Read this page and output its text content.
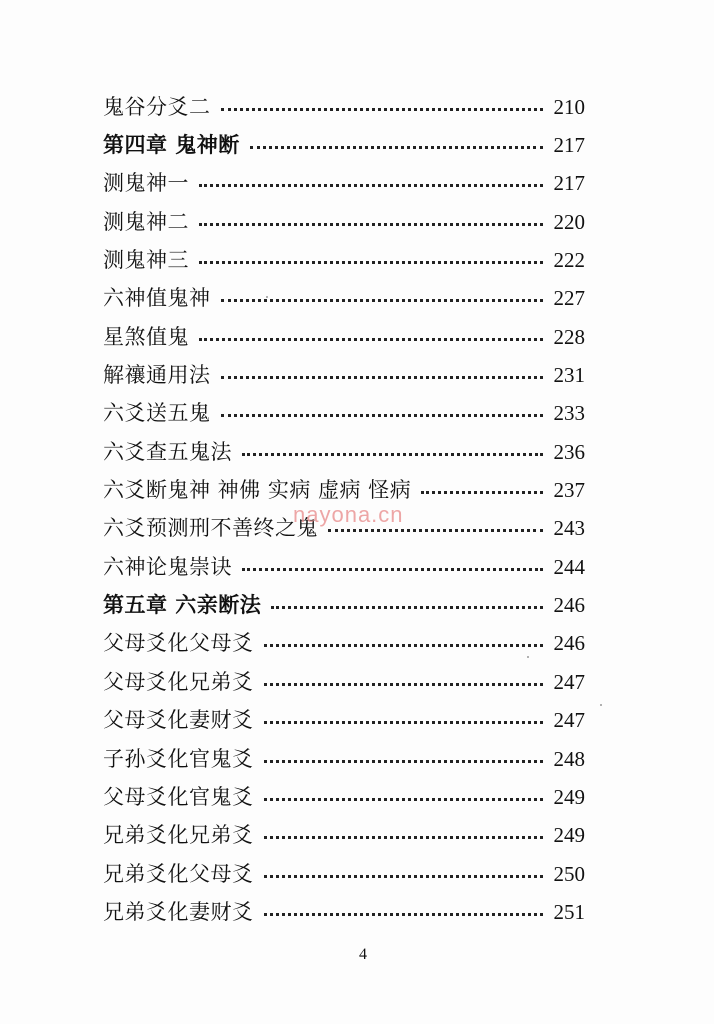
鬼谷分爻二	210
第四章 鬼神断	217
测鬼神一	217
测鬼神二	220
测鬼神三	222
六神值鬼神	227
星煞值鬼	228
解禳通用法	231
六爻送五鬼	233
六爻查五鬼法	236
六爻断鬼神 神佛 实病 虚病 怪病	237
六爻预测刑不善终之鬼	243
六神论鬼崇诀	244
第五章 六亲断法	246
父母爻化父母爻	246
父母爻化兄弟爻	247
父母爻化妻财爻	247
子孙爻化官鬼爻	248
父母爻化官鬼爻	249
兄弟爻化兄弟爻	249
兄弟爻化父母爻	250
兄弟爻化妻财爻	251
nayona.cn
4
